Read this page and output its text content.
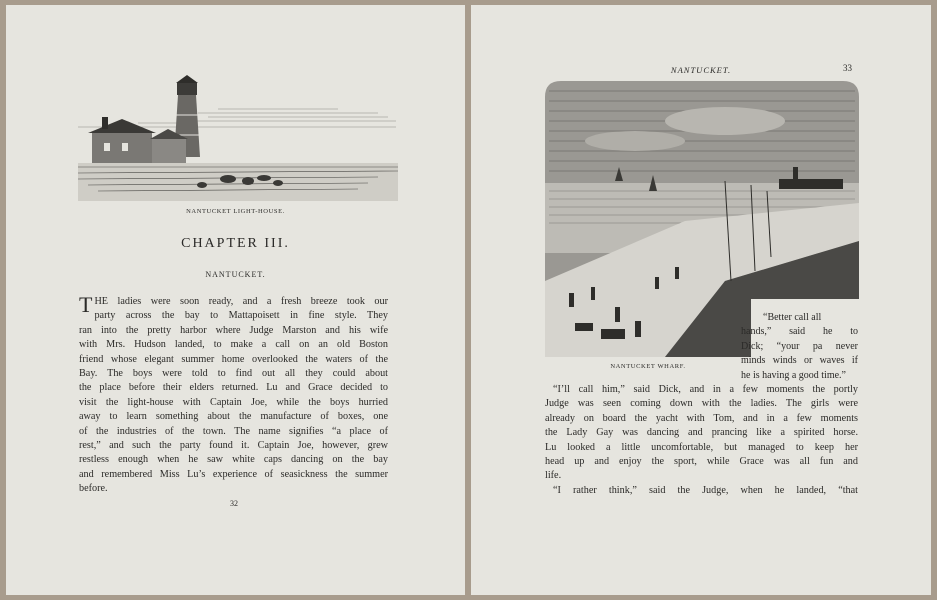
NANTUCKET LIGHT-HOUSE.
CHAPTER III.
NANTUCKET.
T HE ladies were soon ready, and a fresh breeze took our
party across the bay to Mattapoisett in fine style. They
ran into the pretty harbor where Judge Marston and his wife
with Mrs. Hudson landed, to make a call on an old Boston
friend whose elegant summer home overlooked the waters of the
Bay. The boys were told to find out all they could about
the place before their elders returned. Lu and Grace decided to
visit the light-house with Captain Joe, while the boys hurried
away to learn something about the manufacture of boxes, one
of the industries of the town. The name signifies “a place of
rest,” and such the party found it. Captain Joe, however, grew
restless enough when he saw white caps dancing on the bay
and remembered Miss Lu’s experience of seasickness the summer
before.
32
NANTUCKET.	33
NANTUCKET WHARF.
“Better call all
hands,” said he to
Dick; “your pa never
minds winds or waves if
he is having a good time.”
“I’ll call him,” said Dick, and in a few moments the portly
Judge was seen coming down with the ladies. The girls were
already on board the yacht with Tom, and in a few moments
the Lady Gay was dancing and prancing like a spirited horse.
Lu looked a little uncomfortable, but managed to keep her
head up and enjoy the sport, while Grace was all fun and
life.
“I rather think,” said the Judge, when he landed, “that
